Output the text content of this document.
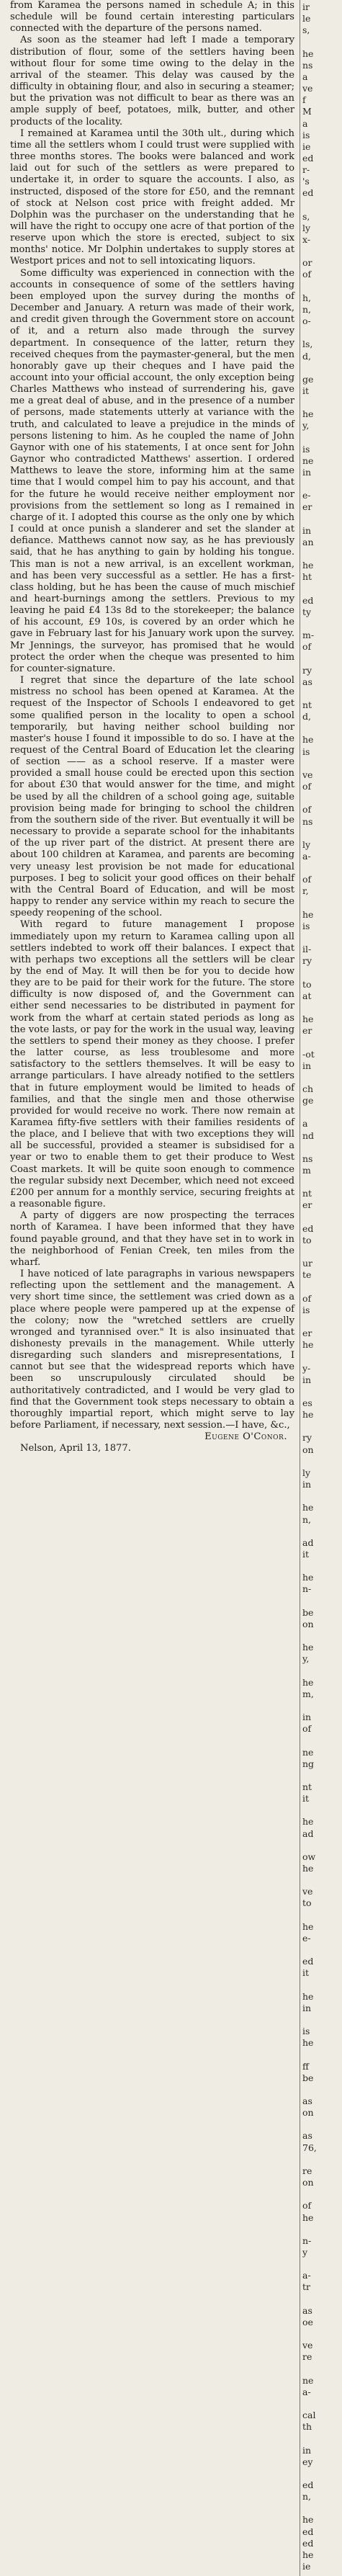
from Karamea the persons named in schedule A; in this schedule will be found certain interesting particulars connected with the departure of the persons named.

As soon as the steamer had left I made a temporary distribution of flour, some of the settlers having been without flour for some time owing to the delay in the arrival of the steamer. This delay was caused by the difficulty in obtaining flour, and also in securing a steamer; but the privation was not difficult to bear as there was an ample supply of beef, potatoes, milk, butter, and other products of the locality.

I remained at Karamea until the 30th ult., during which time all the settlers whom I could trust were supplied with three months stores. The books were balanced and work laid out for such of the settlers as were prepared to undertake it, in order to square the accounts. I also, as instructed, disposed of the store for £50, and the remnant of stock at Nelson cost price with freight added. Mr Dolphin was the purchaser on the understanding that he will have the right to occupy one acre of that portion of the reserve upon which the store is erected, subject to six months' notice. Mr Dolphin undertakes to supply stores at Westport prices and not to sell intoxicating liquors.

Some difficulty was experienced in connection with the accounts in consequence of some of the settlers having been employed upon the survey during the months of December and January. A return was made of their work, and credit given through the Government store on account of it, and a return also made through the survey department. In consequence of the latter, return they received cheques from the paymaster-general, but the men honorably gave up their cheques and I have paid the account into your official account, the only exception being Charles Matthews who instead of surrendering his, gave me a great deal of abuse, and in the presence of a number of persons, made statements utterly at variance with the truth, and calculated to leave a prejudice in the minds of persons listening to him. As he coupled the name of John Gaynor with one of his statements, I at once sent for John Gaynor who contradicted Matthews' assertion. I ordered Matthews to leave the store, informing him at the same time that I would compel him to pay his account, and that for the future he would receive neither employment nor provisions from the settlement so long as I remained in charge of it. I adopted this course as the only one by which I could at once punish a slanderer and set the slander at defiance. Matthews cannot now say, as he has previously said, that he has anything to gain by holding his tongue. This man is not a new arrival, is an excellent workman, and has been very successful as a settler. He has a first-class holding, but he has been the cause of much mischief and heart-burnings among the settlers. Previous to my leaving he paid £4 13s 8d to the storekeeper; the balance of his account, £9 10s, is covered by an order which he gave in February last for his January work upon the survey. Mr Jennings, the surveyor, has promised that he would protect the order when the cheque was presented to him for counter-signature.

I regret that since the departure of the late school mistress no school has been opened at Karamea. At the request of the Inspector of Schools I endeavored to get some qualified person in the locality to open a school temporarily, but having neither school building nor master's house I found it impossible to do so. I have at the request of the Central Board of Education let the clearing of section —— as a school reserve. If a master were provided a small house could be erected upon this section for about £30 that would answer for the time, and might be used by all the children of a school going age, suitable provision being made for bringing to school the children from the southern side of the river. But eventually it will be necessary to provide a separate school for the inhabitants of the up river part of the district. At present there are about 100 children at Karamea, and parents are becoming very uneasy lest provision be not made for educational purposes. I beg to solicit your good offices on their behalf with the Central Board of Education, and will be most happy to render any service within my reach to secure the speedy reopening of the school.

With regard to future management I propose immediately upon my return to Karamea calling upon all settlers indebted to work off their balances. I expect that with perhaps two exceptions all the settlers will be clear by the end of May. It will then be for you to decide how they are to be paid for their work for the future. The store difficulty is now disposed of, and the Government can either send necessaries to be distributed in payment for work from the wharf at certain stated periods as long as the vote lasts, or pay for the work in the usual way, leaving the settlers to spend their money as they choose. I prefer the latter course, as less troublesome and more satisfactory to the settlers themselves. It will be easy to arrange particulars. I have already notified to the settlers that in future employment would be limited to heads of families, and that the single men and those otherwise provided for would receive no work. There now remain at Karamea fifty-five settlers with their families residents of the place, and I believe that with two exceptions they will all be successful, provided a steamer is subsidised for a year or two to enable them to get their produce to West Coast markets. It will be quite soon enough to commence the regular subsidy next December, which need not exceed £200 per annum for a monthly service, securing freights at a reasonable figure.

A party of diggers are now prospecting the terraces north of Karamea. I have been informed that they have found payable ground, and that they have set in to work in the neighborhood of Fenian Creek, ten miles from the wharf.

I have noticed of late paragraphs in various newspapers reflecting upon the settlement and the management. A very short time since, the settlement was cried down as a place where people were pampered up at the expense of the colony; now the "wretched settlers are cruelly wronged and tyrannised over." It is also insinuated that dishonesty prevails in the management. While utterly disregarding such slanders and misrepresentations, I cannot but see that the widespread reports which have been so unscrupulously circulated should be authoritatively contradicted, and I would be very glad to find that the Government took steps necessary to obtain a thoroughly impartial report, which might serve to lay before Parliament, if necessary, next session.—I have, &c.,

Eugene O'Conor.

Nelson, April 13, 1877.

ir
le
s,
he
ns
a
ve
f
M
a
is
ie
ed
r-
's
ed
s,
ly
x-
or
of
h,
n,
o-
ls,
d,
ge
it
he
y,
is
ne
in
e-
er
in
an
he
ht
ed
ty
m-
of
ry
as
nt
d,
he
is
ve
of
of
ns
ly
a-
of
r,
he
is
il-
ry
to
at
he
er
-ot
in
ch
ge
a
nd
ns
m
nt
er
ed
to
ur
te
of
is
er
he
y-
in
es
he
ry
on
ly
in
he
n,
ad
it
he
n-
be
on
he
y,
he
m,
in
of
ne
ng
nt
it
he
ad
ow
he
ve
to
he
e-
ed
it
he
in
is
he
ff
be
as
on
as
76,
re
on
of
he
n-
y
a-
tr
as
oe
ve
re
ne
a-
cal
th
in
ey
ed
n,
he
ed
ed
he
ie
